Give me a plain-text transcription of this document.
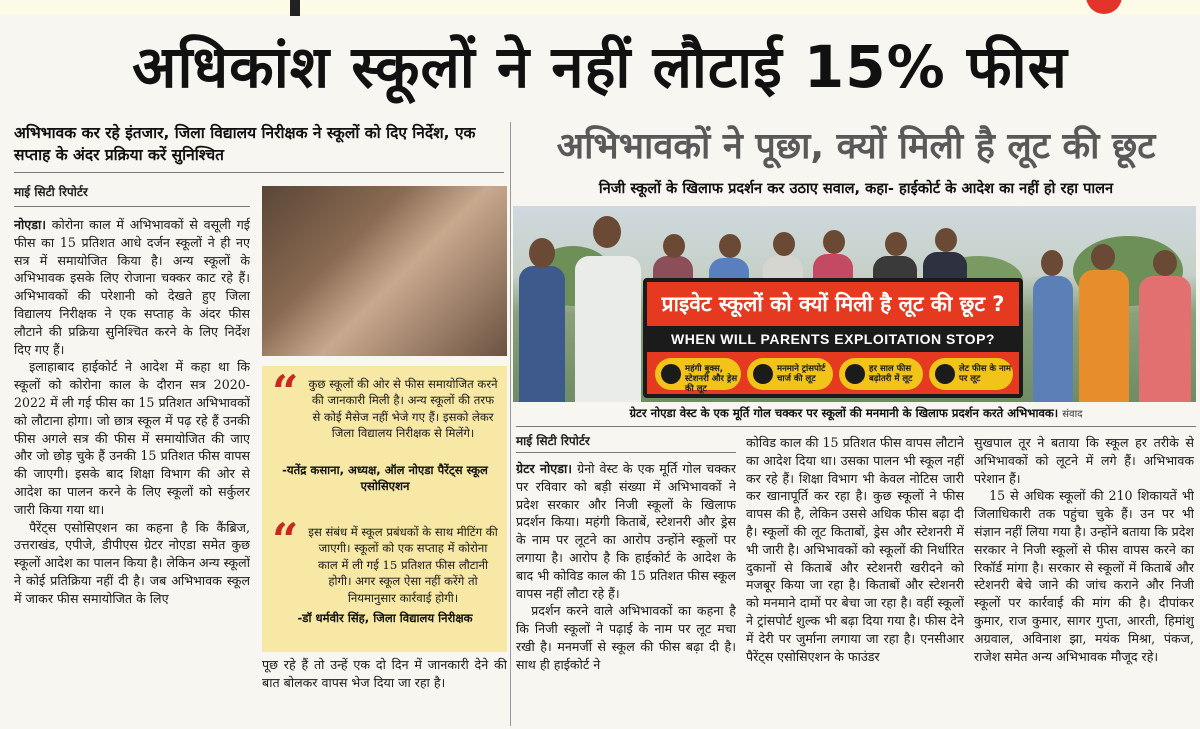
अधिकांश स्कूलों ने नहीं लौटाई 15% फीस
अभिभावक कर रहे इंतजार, जिला विद्यालय निरीक्षक ने स्कूलों को दिए निर्देश, एक सप्ताह के अंदर प्रक्रिया करें सुनिश्चित
माई सिटी रिपोर्टर

नोएडा। कोरोना काल में अभिभावकों से वसूली गई फीस का 15 प्रतिशत आधे दर्जन स्कूलों ने ही नए सत्र में समायोजित किया है। अन्य स्कूलों के अभिभावक इसके लिए रोजाना चक्कर काट रहे हैं। अभिभावकों की परेशानी को देखते हुए जिला विद्यालय निरीक्षक ने एक सप्ताह के अंदर फीस लौटाने की प्रक्रिया सुनिश्चित करने के लिए निर्देश दिए गए हैं।

इलाहाबाद हाईकोर्ट ने आदेश में कहा था कि स्कूलों को कोरोना काल के दौरान सत्र 2020-2022 में ली गई फीस का 15 प्रतिशत अभिभावकों को लौटाना होगा। जो छात्र स्कूल में पढ़ रहे हैं उनकी फीस अगले सत्र की फीस में समायोजित की जाए और जो छोड़ चुके हैं उनकी 15 प्रतिशत फीस वापस की जाएगी। इसके बाद शिक्षा विभाग की ओर से आदेश का पालन करने के लिए स्कूलों को सर्कुलर जारी किया गया था।

पैरेंट्स एसोसिएशन का कहना है कि कैंब्रिज, उत्तराखंड, एपीजे, डीपीएस ग्रेटर नोएडा समेत कुछ स्कूलों आदेश का पालन किया है। लेकिन अन्य स्कूलों ने कोई प्रतिक्रिया नहीं दी है। जब अभिभावक स्कूल में जाकर फीस समायोजित के लिए

पूछ रहे हैं तो उन्हें एक दो दिन में जानकारी देने की बात बोलकर वापस भेज दिया जा रहा है।

“ कुछ स्कूलों की ओर से फीस समायोजित करने की जानकारी मिली है। अन्य स्कूलों की तरफ से कोई मैसेज नहीं भेजे गए हैं। इसको लेकर जिला विद्यालय निरीक्षक से मिलेंगे।

-यतेंद्र कसाना, अध्यक्ष, ऑल नोएडा पैरेंट्स स्कूल एसोसिएशन

“ इस संबंध में स्कूल प्रबंधकों के साथ मीटिंग की जाएगी। स्कूलों को एक सप्ताह में कोरोना काल में ली गई 15 प्रतिशत फीस लौटानी होगी। अगर स्कूल ऐसा नहीं करेंगे तो नियमानुसार कार्रवाई होगी।

-डॉ धर्मवीर सिंह, जिला विद्यालय निरीक्षक

अभिभावकों ने पूछा, क्यों मिली है लूट की छूट
निजी स्कूलों के खिलाफ प्रदर्शन कर उठाए सवाल, कहा- हाईकोर्ट के आदेश का नहीं हो रहा पालन
प्राइवेट स्कूलों को क्यों मिली है लूट की छूट ?
WHEN WILL PARENTS EXPLOITATION STOP?
महंगी बुक्स, स्टेशनरी और ड्रेस की लूट
मनमाने ट्रांसपोर्ट चार्ज की लूट
हर साल फीस बढ़ोतरी में लूट
लेट फीस के नाम पर लूट
ग्रेटर नोएडा वेस्ट के एक मूर्ति गोल चक्कर पर स्कूलों की मनमानी के खिलाफ प्रदर्शन करते अभिभावक। संवाद
माई सिटी रिपोर्टर

ग्रेटर नोएडा। ग्रेनो वेस्ट के एक मूर्ति गोल चक्कर पर रविवार को बड़ी संख्या में अभिभावकों ने प्रदेश सरकार और निजी स्कूलों के खिलाफ प्रदर्शन किया। महंगी किताबें, स्टेशनरी और ड्रेस के नाम पर लूटने का आरोप उन्होंने स्कूलों पर लगाया है। आरोप है कि हाईकोर्ट के आदेश के बाद भी कोविड काल की 15 प्रतिशत फीस स्कूल वापस नहीं लौटा रहे हैं।

प्रदर्शन करने वाले अभिभावकों का कहना है कि निजी स्कूलों ने पढ़ाई के नाम पर लूट मचा रखी है। मनमर्जी से स्कूल की फीस बढ़ा दी है। साथ ही हाईकोर्ट ने

कोविड काल की 15 प्रतिशत फीस वापस लौटाने का आदेश दिया था। उसका पालन भी स्कूल नहीं कर रहे हैं। शिक्षा विभाग भी केवल नोटिस जारी कर खानापूर्ति कर रहा है। कुछ स्कूलों ने फीस वापस की है, लेकिन उससे अधिक फीस बढ़ा दी है। स्कूलों की लूट किताबों, ड्रेस और स्टेशनरी में भी जारी है। अभिभावकों को स्कूलों की निर्धारित दुकानों से किताबें और स्टेशनरी खरीदने को मजबूर किया जा रहा है। किताबों और स्टेशनरी को मनमाने दामों पर बेचा जा रहा है। वहीं स्कूलों ने ट्रांसपोर्ट शुल्क भी बढ़ा दिया गया है। फीस देने में देरी पर जुर्माना लगाया जा रहा है। एनसीआर पैरेंट्स एसोसिएशन के फाउंडर

सुखपाल तूर ने बताया कि स्कूल हर तरीके से अभिभावकों को लूटने में लगे हैं। अभिभावक परेशान हैं।

15 से अधिक स्कूलों की 210 शिकायतें भी जिलाधिकारी तक पहुंचा चुके हैं। उन पर भी संज्ञान नहीं लिया गया है। उन्होंने बताया कि प्रदेश सरकार ने निजी स्कूलों से फीस वापस करने का रिकॉर्ड मांगा है। सरकार से स्कूलों में किताबें और स्टेशनरी बेचे जाने की जांच कराने और निजी स्कूलों पर कार्रवाई की मांग की है। दीपांकर कुमार, राज कुमार, सागर गुप्ता, आरती, हिमांशु अग्रवाल, अविनाश झा, मयंक मिश्रा, पंकज, राजेश समेत अन्य अभिभावक मौजूद रहे।
